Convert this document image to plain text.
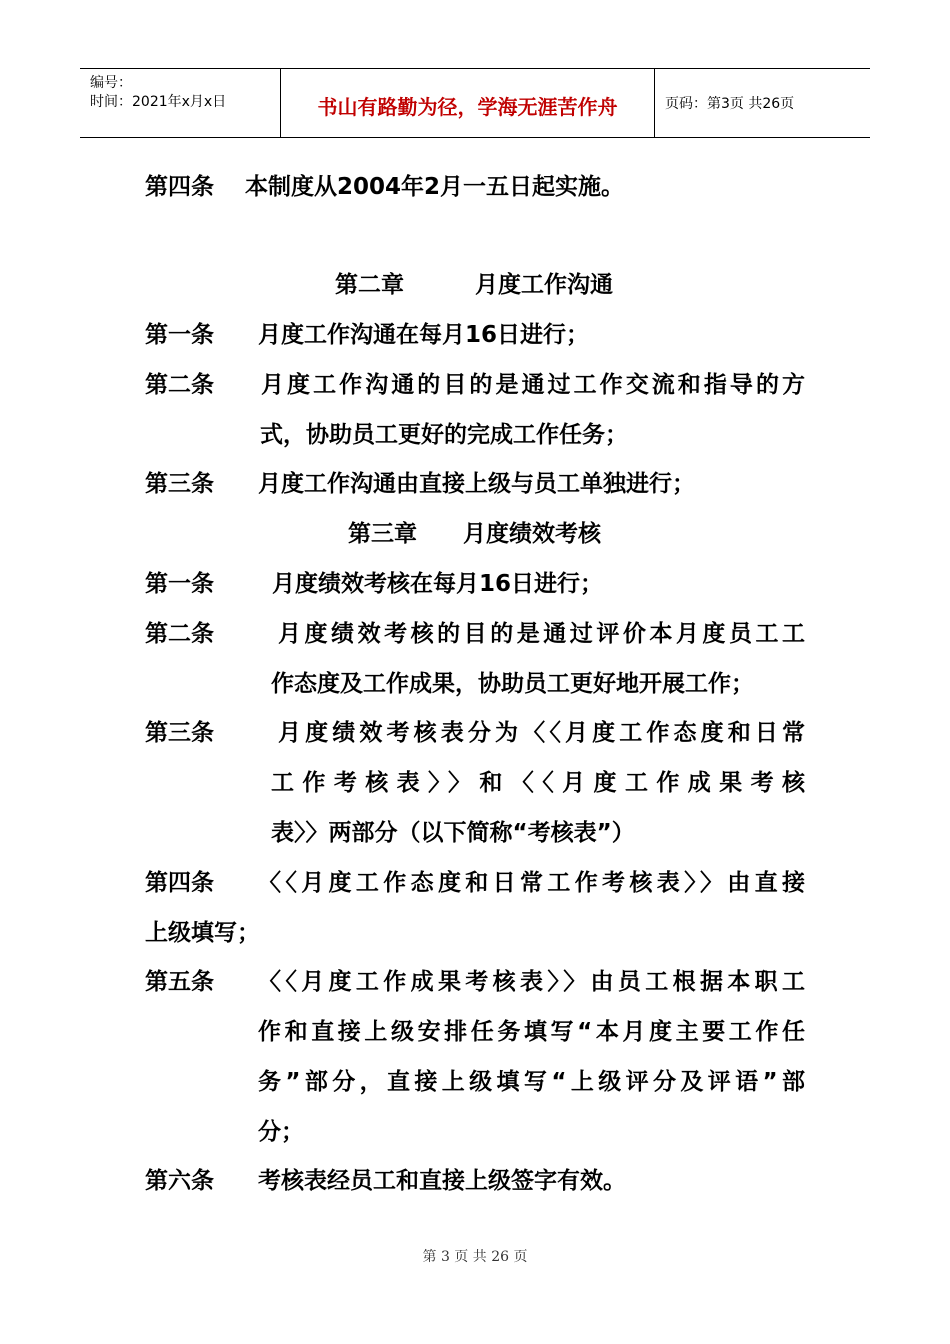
编号：
时间：2021年x月x日	书山有路勤为径，学海无涯苦作舟	页码：第3页 共26页
第四条 本制度从2004年2月一五日起实施。
第二章	月度工作沟通
第一条 月度工作沟通在每月16日进行；
第二条 月度工作沟通的目的是通过工作交流和指导的方
式，协助员工更好的完成工作任务；
第三条 月度工作沟通由直接上级与员工单独进行；
第三章 月度绩效考核
第一条	月度绩效考核在每月16日进行；
第二条	月度绩效考核的目的是通过评价本月度员工工
作态度及工作成果，协助员工更好地开展工作；
第三条	月度绩效考核表分为〈〈月度工作态度和日常
工作考核表〉〉和〈〈月度工作成果考核
表〉〉两部分（以下简称“考核表”）
第四条 〈〈月度工作态度和日常工作考核表〉〉由直接
上级填写；
第五条 〈〈月度工作成果考核表〉〉由员工根据本职工
作和直接上级安排任务填写“本月度主要工作任
务”部分，直接上级填写“上级评分及评语”部
分；
第六条 考核表经员工和直接上级签字有效。
第 3 页 共 26 页
